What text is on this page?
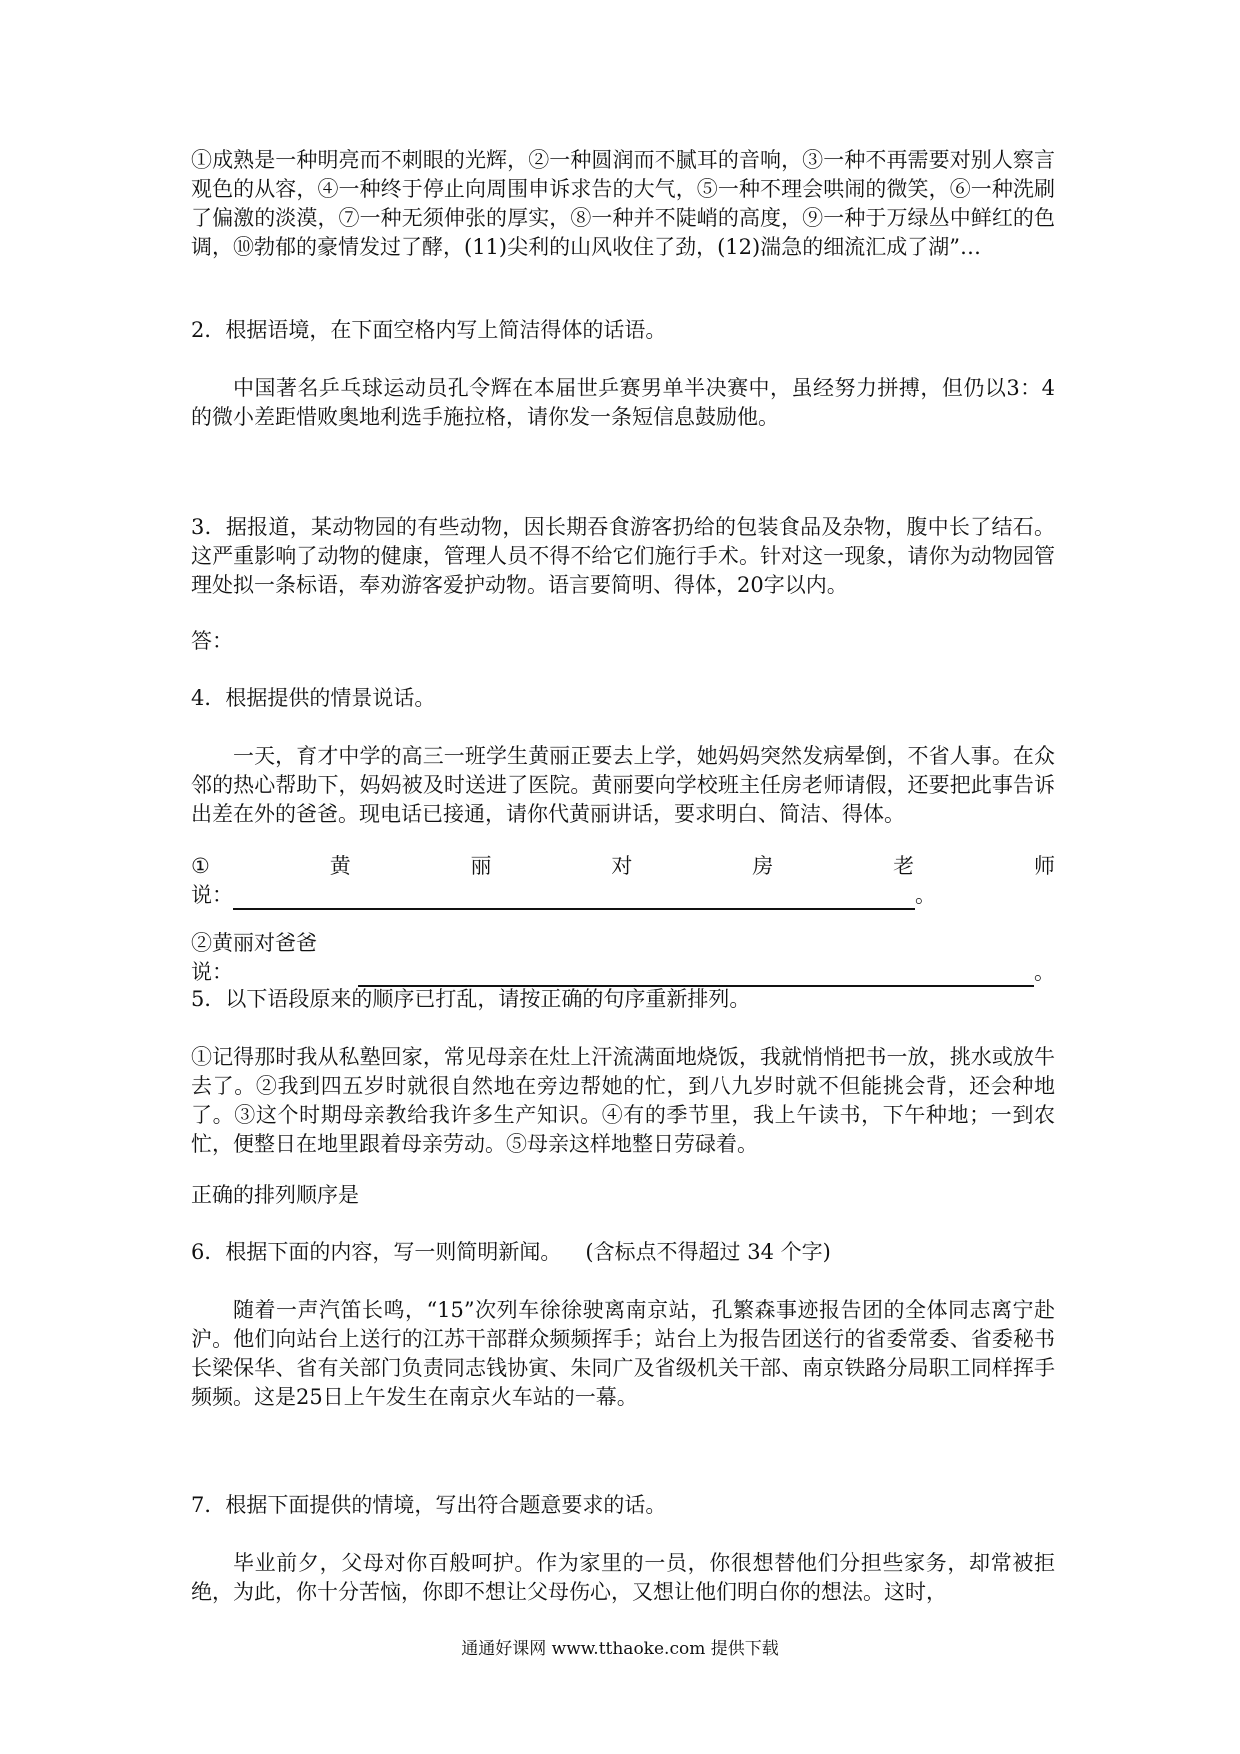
①成熟是一种明亮而不刺眼的光辉，②一种圆润而不腻耳的音响，③一种不再需要对别人察言观色的从容，④一种终于停止向周围申诉求告的大气，⑤一种不理会哄闹的微笑，⑥一种洗刷了偏激的淡漠，⑦一种无须伸张的厚实，⑧一种并不陡峭的高度，⑨一种于万绿丛中鲜红的色调，⑩勃郁的豪情发过了酵，(11)尖利的山风收住了劲，(12)湍急的细流汇成了湖”…
2．根据语境，在下面空格内写上简洁得体的话语。
中国著名乒乓球运动员孔令辉在本届世乒赛男单半决赛中，虽经努力拼搏，但仍以3：4的微小差距惜败奥地利选手施拉格，请你发一条短信息鼓励他。
3．据报道，某动物园的有些动物，因长期吞食游客扔给的包装食品及杂物，腹中长了结石。这严重影响了动物的健康，管理人员不得不给它们施行手术。针对这一现象，请你为动物园管理处拟一条标语，奉劝游客爱护动物。语言要简明、得体，20字以内。
答：
4．根据提供的情景说话。
一天，育才中学的高三一班学生黄丽正要去上学，她妈妈突然发病晕倒，不省人事。在众邻的热心帮助下，妈妈被及时送进了医院。黄丽要向学校班主任房老师请假，还要把此事告诉出差在外的爸爸。现电话已接通，请你代黄丽讲话，要求明白、简洁、得体。
①	黄	丽	对	房	老	师
说：	。
②黄丽对爸爸说：	。
5．以下语段原来的顺序已打乱，请按正确的句序重新排列。
①记得那时我从私塾回家，常见母亲在灶上汗流满面地烧饭，我就悄悄把书一放，挑水或放牛去了。②我到四五岁时就很自然地在旁边帮她的忙，到八九岁时就不但能挑会背，还会种地了。③这个时期母亲教给我许多生产知识。④有的季节里，我上午读书，下午种地；一到农忙，便整日在地里跟着母亲劳动。⑤母亲这样地整日劳碌着。
正确的排列顺序是
6．根据下面的内容，写一则简明新闻。 (含标点不得超过 34 个字)
随着一声汽笛长鸣，“15”次列车徐徐驶离南京站，孔繁森事迹报告团的全体同志离宁赴沪。他们向站台上送行的江苏干部群众频频挥手；站台上为报告团送行的省委常委、省委秘书长梁保华、省有关部门负责同志钱协寅、朱同广及省级机关干部、南京铁路分局职工同样挥手频频。这是25日上午发生在南京火车站的一幕。
7．根据下面提供的情境，写出符合题意要求的话。
毕业前夕，父母对你百般呵护。作为家里的一员，你很想替他们分担些家务，却常被拒绝，为此，你十分苦恼，你即不想让父母伤心，又想让他们明白你的想法。这时，
通通好课网 www.tthaoke.com 提供下载
